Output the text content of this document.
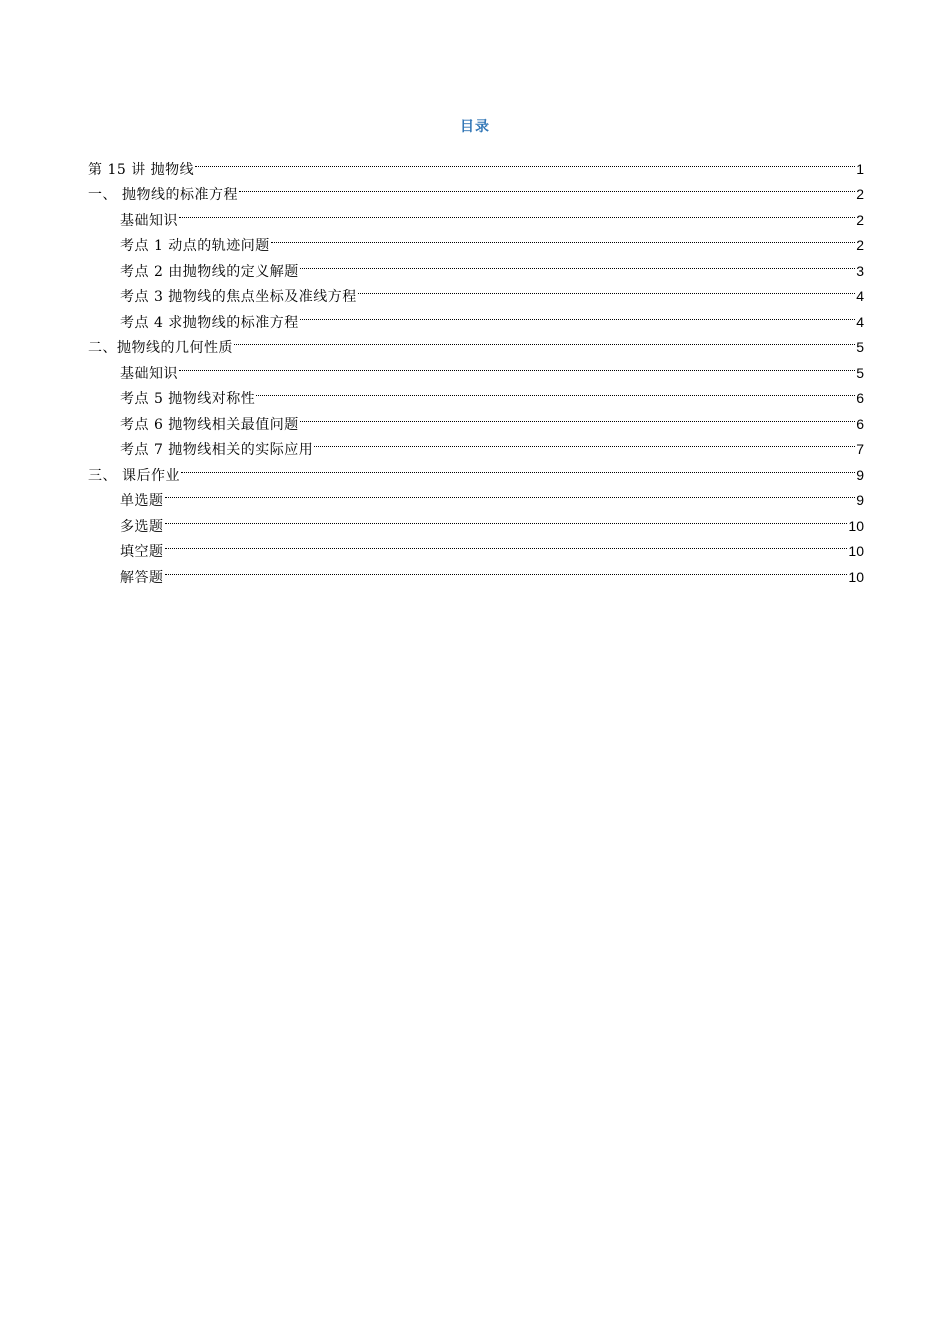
目录
第 15 讲 抛物线	1
一、 抛物线的标准方程	2
基础知识	2
考点 1 动点的轨迹问题	2
考点 2 由抛物线的定义解题	3
考点 3 抛物线的焦点坐标及准线方程	4
考点 4 求抛物线的标准方程	4
二、抛物线的几何性质	5
基础知识	5
考点 5 抛物线对称性	6
考点 6 抛物线相关最值问题	6
考点 7 抛物线相关的实际应用	7
三、 课后作业	9
单选题	9
多选题	10
填空题	10
解答题	10
